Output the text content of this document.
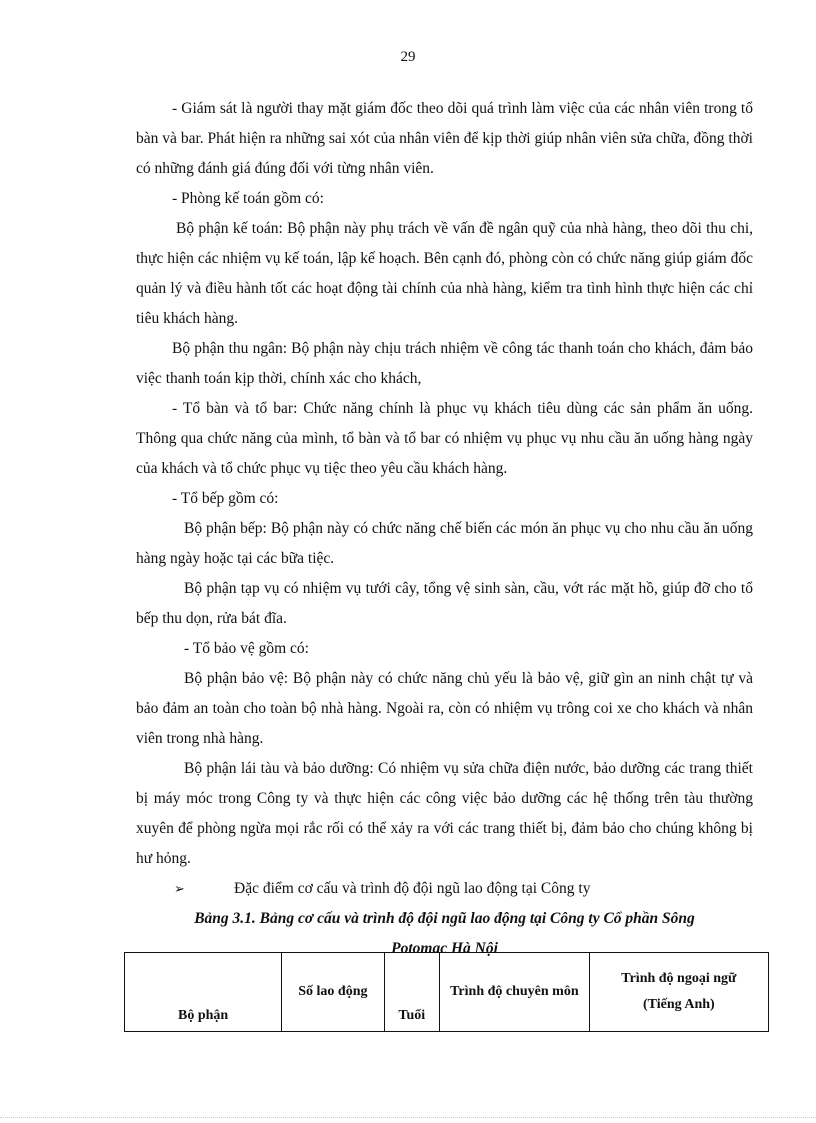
29

- Giám sát là người thay mặt giám đốc theo dõi quá trình làm việc của các nhân viên trong tổ bàn và bar. Phát hiện ra những sai xót của nhân viên để kịp thời giúp nhân viên sửa chữa, đồng thời có những đánh giá đúng đối với từng nhân viên.

- Phòng kế toán gồm có:

Bộ phận kế toán: Bộ phận này phụ trách về vấn đề ngân quỹ của nhà hàng, theo dõi thu chi, thực hiện các nhiệm vụ kế toán, lập kế hoạch. Bên cạnh đó, phòng còn có chức năng giúp giám đốc quản lý và điều hành tốt các hoạt động tài chính của nhà hàng, kiểm tra tình hình thực hiện các chỉ tiêu khách hàng.

Bộ phận thu ngân: Bộ phận này chịu trách nhiệm về công tác thanh toán cho khách, đảm bảo việc thanh toán kịp thời, chính xác cho khách,

- Tổ bàn và tổ bar: Chức năng chính là phục vụ khách tiêu dùng các sản phẩm ăn uống. Thông qua chức năng của mình, tổ bàn và tổ bar có nhiệm vụ phục vụ nhu cầu ăn uống hàng ngày của khách và tổ chức phục vụ tiệc theo yêu cầu khách hàng.

- Tổ bếp gồm có:

Bộ phận bếp: Bộ phận này có chức năng chế biến các món ăn phục vụ cho nhu cầu ăn uống hàng ngày hoặc tại các bữa tiệc.

Bộ phận tạp vụ có nhiệm vụ tưới cây, tổng vệ sinh sàn, cầu, vớt rác mặt hồ, giúp đỡ cho tổ bếp thu dọn, rửa bát đĩa.

- Tổ bảo vệ gồm có:

Bộ phận bảo vệ: Bộ phận này có chức năng chủ yếu là bảo vệ, giữ gìn an ninh chật tự và bảo đảm an toàn cho toàn bộ nhà hàng. Ngoài ra, còn có nhiệm vụ trông coi xe cho khách và nhân viên trong nhà hàng.

Bộ phận lái tàu và bảo dưỡng: Có nhiệm vụ sửa chữa điện nước, bảo dưỡng các trang thiết bị máy móc trong Công ty và thực hiện các công việc bảo dưỡng các hệ thống trên tàu thường xuyên để phòng ngừa mọi rắc rối có thể xảy ra với các trang thiết bị, đảm bảo cho chúng không bị hư hỏng.

➢	Đặc điểm cơ cấu và trình độ đội ngũ lao động tại Công ty

Bảng 3.1. Bảng cơ cấu và trình độ đội ngũ lao động tại Công ty Cổ phần Sông
Potomac Hà Nội

Bộ phận	Số lao động	Tuổi	Trình độ chuyên môn	Trình độ ngoại ngữ
(Tiếng Anh)
